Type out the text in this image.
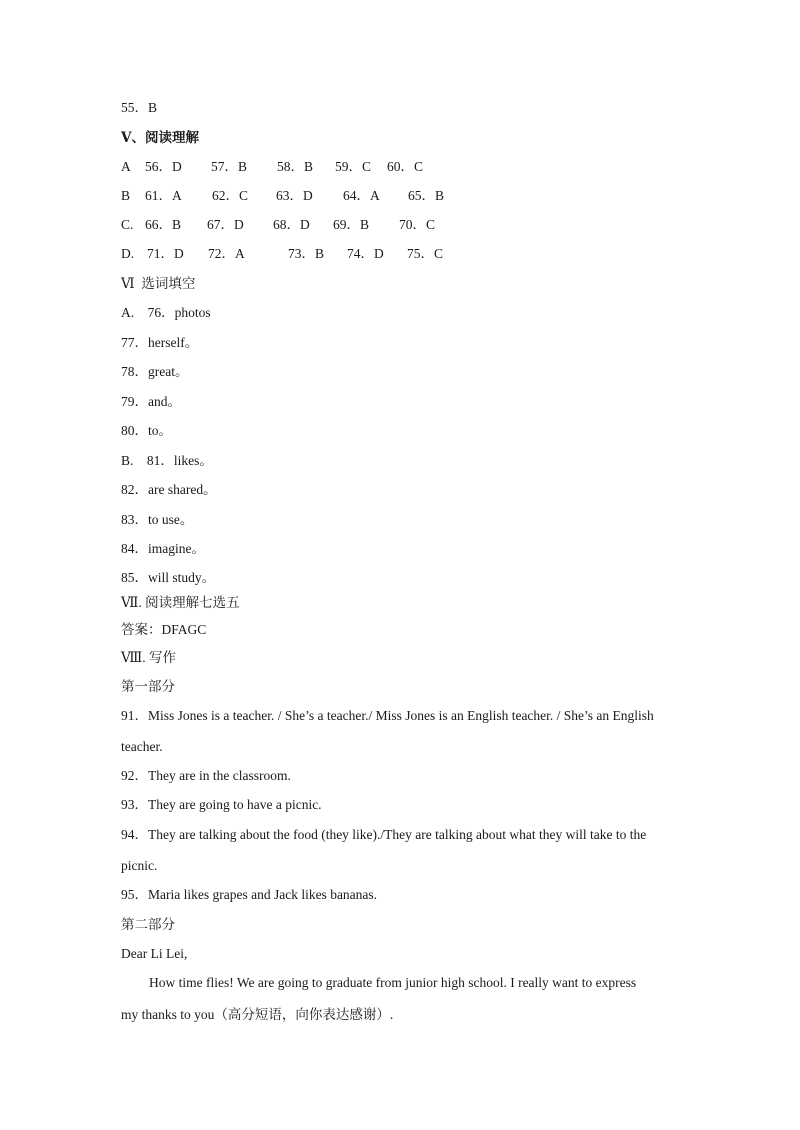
55．B
Ⅴ、阅读理解

A

56．D

57．B

58．B

59．C

60．C

B

61．A

62．C

63．D

64．A

65．B

C.

66．B

67．D

68．D

69．B

70．C

D.

71．D

72．A

	73．B

74．D

75．C

Ⅵ  选词填空
A.    76．photos
77．herself。
78．great。
79．and。
80．to。
B.    81．likes。
82．are shared。
83．to use。
84．imagine。
85．will study。
Ⅶ. 阅读理解七选五
答案：DFAGC
Ⅷ. 写作
第一部分
91．Miss Jones is a teacher. / She’s a teacher./ Miss Jones is an English teacher. / She’s an English
teacher.
92．They are in the classroom.
93．They are going to have a picnic.
94．They are talking about the food (they like)./They are talking about what they will take to the
picnic.
95．Maria likes grapes and Jack likes bananas.
第二部分
Dear Li Lei,
How time flies! We are going to graduate from junior high school. I really want to express
my thanks to you（高分短语，向你表达感谢）.
